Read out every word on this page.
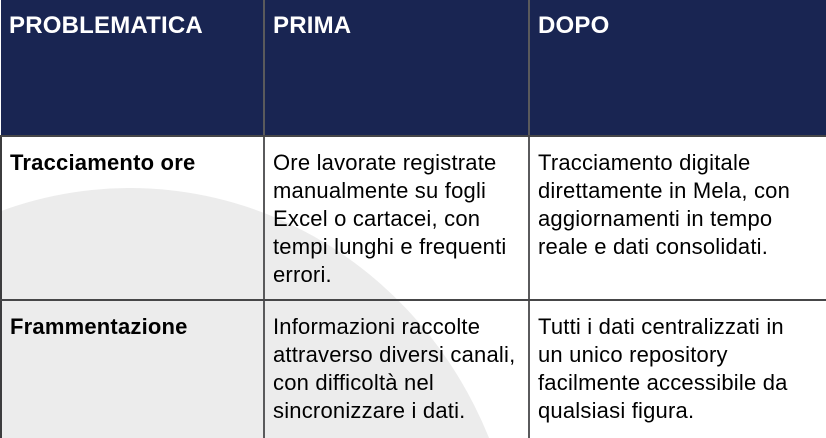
PROBLEMATICA	PRIMA	DOPO
Tracciamento ore	Ore lavorate registrate manualmente su fogli Excel o cartacei, con tempi lunghi e frequenti errori.	Tracciamento digitale direttamente in Mela, con aggiornamenti in tempo reale e dati consolidati.
Frammentazione	Informazioni raccolte attraverso diversi canali, con difficoltà nel sincronizzare i dati.	Tutti i dati centralizzati in un unico repository facilmente accessibile da qualsiasi figura.
